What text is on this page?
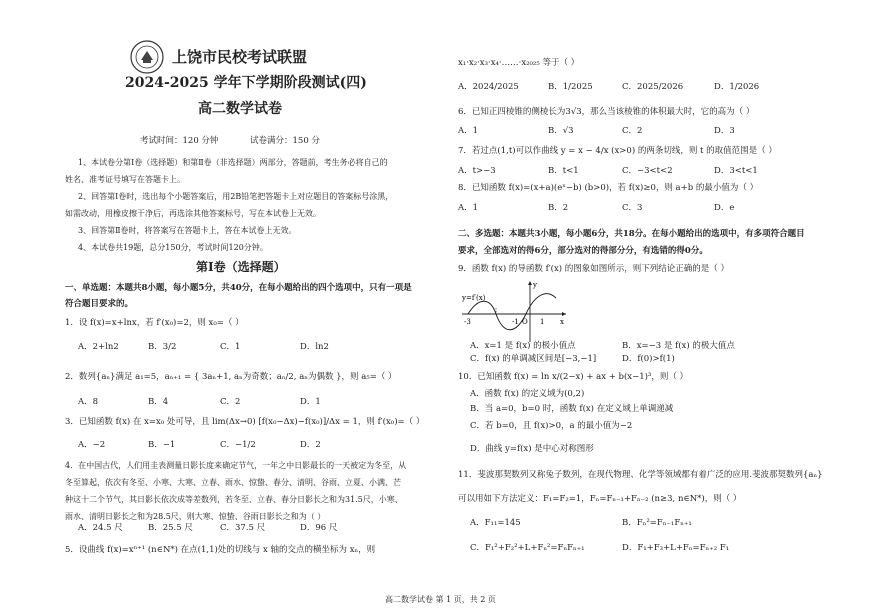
上饶市民校考试联盟
2024-2025 学年下学期阶段测试(四)
高二数学试卷
考试时间：120 分钟	试卷满分：150 分
1、本试卷分第Ⅰ卷（选择题）和第Ⅱ卷（非选择题）两部分，答题前，考生务必将自己的
姓名、准考证号填写在答题卡上。
2、回答第Ⅰ卷时，选出每个小题答案后，用2B铅笔把答题卡上对应题目的答案标号涂黑，
如需改动，用橡皮擦干净后，再选涂其他答案标号，写在本试卷上无效。
3、回答第Ⅱ卷时，将答案写在答题卡上，答在本试卷上无效。
4、本试卷共19题，总分150分，考试时间120分钟。
第Ⅰ卷（选择题）
一、单选题：本题共8小题，每小题5分，共40分，在每小题给出的四个选项中，只有一项是
符合题目要求的。
1．设 f(x)=x+lnx，若 f′(x₀)=2，则 x₀=（ ）
A．2+ln2	B．3/2	C．1	D．ln2
2．数列{aₙ}满足 a₁=5，aₙ₊₁ = { 3aₙ+1, aₙ为奇数；aₙ/2, aₙ为偶数 }，则 a₅=（ ）
A．8	B．4	C．2	D．1
3．已知函数 f(x) 在 x=x₀ 处可导，且 lim(Δx→0) [f(x₀−Δx)−f(x₀)]/Δx = 1，则 f′(x₀)=（ ）
A．−2	B．−1	C．−1/2	D．2
4．在中国古代，人们用圭表测量日影长度来确定节气，一年之中日影最长的一天被定为冬至，从
冬至算起，依次有冬至、小寒、大寒、立春、雨水、惊蛰、春分、清明、谷雨、立夏、小满、芒
种这十二个节气，其日影长依次成等差数列，若冬至、立春、春分日影长之和为31.5尺，小寒、
雨水、清明日影长之和为28.5尺，则大寒、惊蛰、谷雨日影长之和为（ ）
A．24.5 尺	B．25.5 尺	C．37.5 尺	D．96 尺
5．设曲线 f(x)=xⁿ⁺¹ (n∈N*) 在点(1,1)处的切线与 x 轴的交点的横坐标为 xₙ，则
x₁·x₂·x₃·x₄·……·x₂₀₂₅ 等于（ ）
A．2024/2025	B．1/2025	C．2025/2026	D．1/2026
6．已知正四棱锥的侧棱长为3√3，那么当该棱锥的体积最大时，它的高为（ ）
A．1	B．√3	C．2	D．3
7．若过点(1,t)可以作曲线 y = x − 4/x (x>0) 的两条切线，则 t 的取值范围是（ ）
A．t>−3	B．t<1	C．−3<t<2	D．3<t<1
8．已知函数 f(x)=(x+a)(eˣ−b) (b>0)，若 f(x)≥0，则 a+b 的最小值为（ ）
A．1	B．2	C．3	D．e
二、多选题：本题共3小题，每小题6分，共18分。在每小题给出的选项中，有多项符合题目
要求，全部选对的得6分，部分选对的得部分分，有选错的得0分。
9．函数 f(x) 的导函数 f′(x) 的图象如图所示，则下列结论正确的是（ ）
y=f′(x)
-3	-1 O 1 x
y
A．x=1 是 f(x) 的极小值点	B．x=−3 是 f(x) 的极大值点
C．f(x) 的单调减区间是[−3,−1]	D．f(0)>f(1)
10．已知函数 f(x) = ln x/(2−x) + ax + b(x−1)³，则（ ）
A．函数 f(x) 的定义域为(0,2)
B．当 a=0，b=0 时，函数 f(x) 在定义域上单调递减
C．若 b=0，且 f(x)>0，a 的最小值为−2
D．曲线 y=f(x) 是中心对称图形
11．斐波那契数列又称兔子数列，在现代物理、化学等领域都有着广泛的应用.斐波那契数列{aₙ}
可以用如下方法定义：F₁=F₂=1，Fₙ=Fₙ₋₁+Fₙ₋₂ (n≥3, n∈N*)，则（ ）
A．F₁₁=145	B．Fₙ²=Fₙ₋₁Fₙ₊₁
C．F₁²+F₂²+L+Fₙ²=FₙFₙ₊₁	D．F₁+F₃+L+Fₙ=Fₙ₊₂ F₁
高二数学试卷 第 1 页，共 2 页
